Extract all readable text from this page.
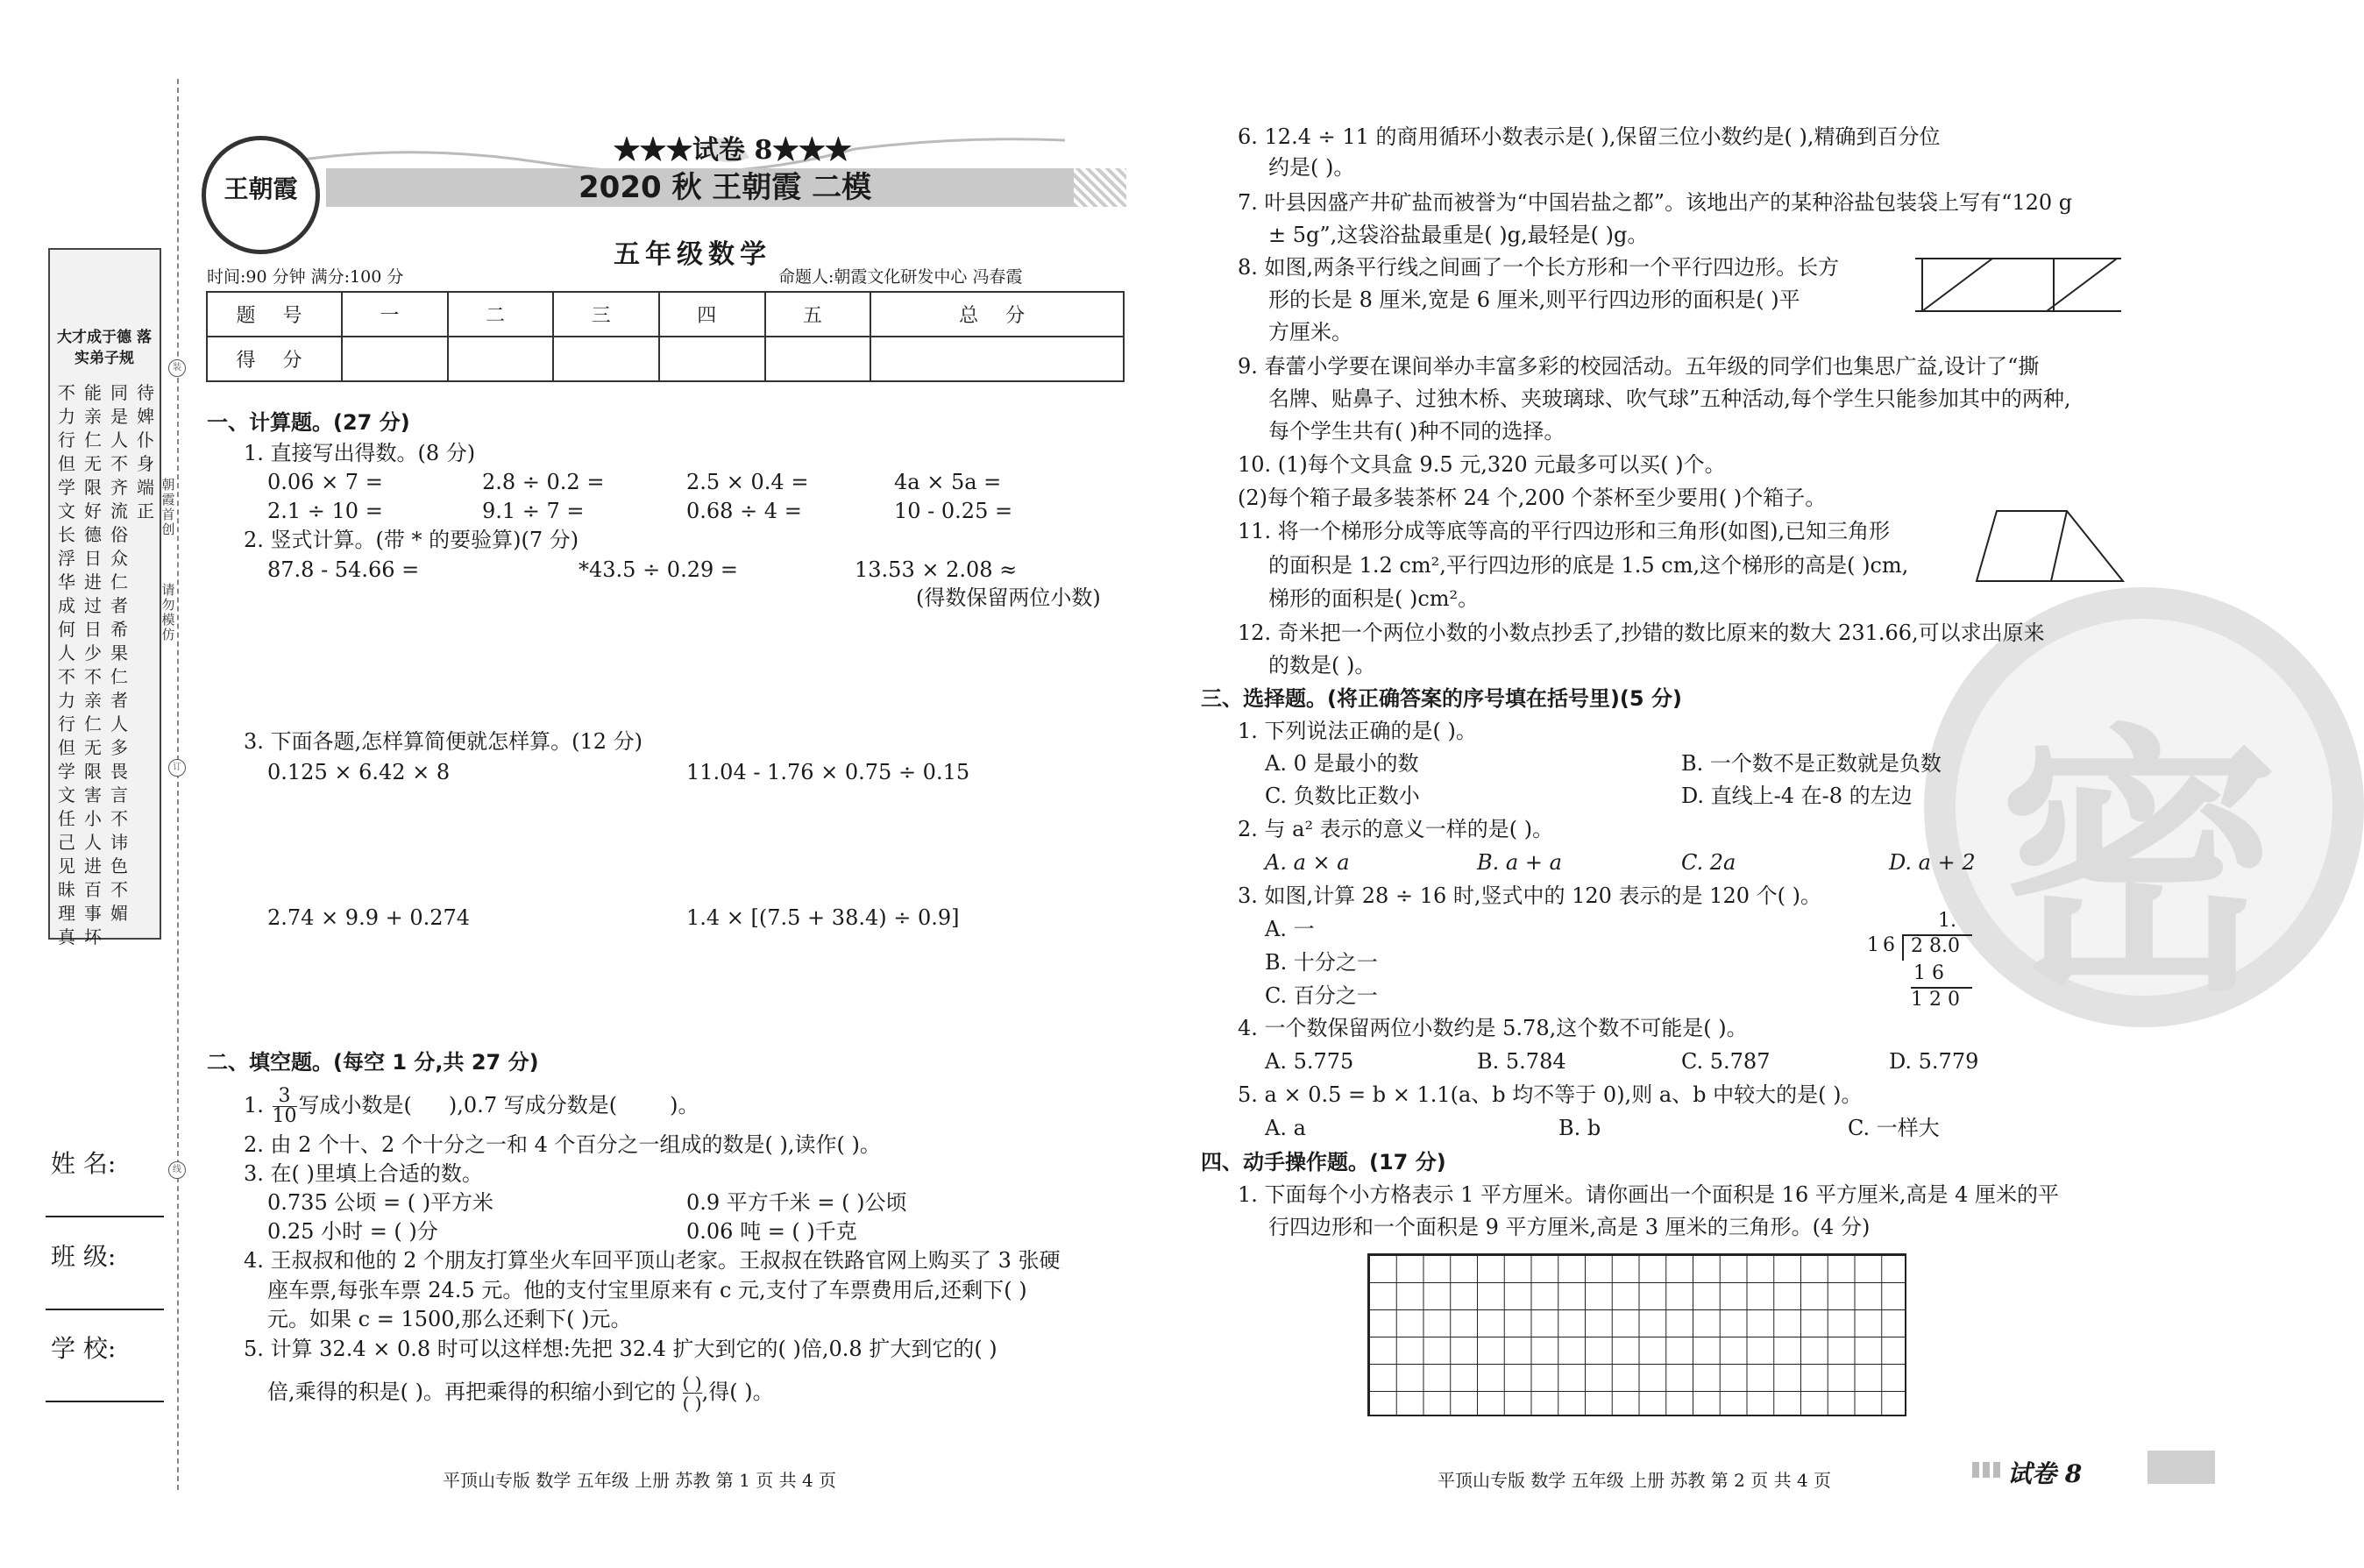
大才成于德 落实弟子规
不力行但学文长浮华成何人不力行但学文任己见昧理真
能亲仁无限好德日进过日少不亲仁无限害小人进百事坏
同是人不齐流俗众仁者希果仁者人多畏言不讳色不媚
待婢仆身端正
朝霞首创
请勿模仿
装
订
线
姓 名:
班 级:
学 校:
王朝霞
★★★试卷 8★★★
2020 秋 王朝霞 二模
五年级数学
时间:90 分钟 满分:100 分	命题人:朝霞文化研发中心 冯春霞
题 号	一	二	三	四	五	总 分
得 分						
一、计算题。(27 分)
1. 直接写出得数。(8 分)
0.06 × 7 =	2.8 ÷ 0.2 =	2.5 × 0.4 =	4a × 5a =
2.1 ÷ 10 =	9.1 ÷ 7 =	0.68 ÷ 4 =	10 - 0.25 =
2. 竖式计算。(带 * 的要验算)(7 分)
87.8 - 54.66 =	*43.5 ÷ 0.29 =	13.53 × 2.08 ≈
(得数保留两位小数)
3. 下面各题,怎样算简便就怎样算。(12 分)
0.125 × 6.42 × 8	11.04 - 1.76 × 0.75 ÷ 0.15
2.74 × 9.9 + 0.274	1.4 × [(7.5 + 38.4) ÷ 0.9]
二、填空题。(每空 1 分,共 27 分)
1. $\frac{3}{10}$ 写成小数是( ),0.7 写成分数是(	)。
2. 由 2 个十、2 个十分之一和 4 个百分之一组成的数是( ),读作( )。
3. 在( )里填上合适的数。
0.735 公顷 = ( )平方米	0.9 平方千米 = ( )公顷
0.25 小时 = ( )分	0.06 吨 = ( )千克
4. 王叔叔和他的 2 个朋友打算坐火车回平顶山老家。王叔叔在铁路官网上购买了 3 张硬
座车票,每张车票 24.5 元。他的支付宝里原来有 c 元,支付了车票费用后,还剩下( )
元。如果 c = 1500,那么还剩下( )元。
5. 计算 32.4 × 0.8 时可以这样想:先把 32.4 扩大到它的( )倍,0.8 扩大到它的( )
倍,乘得的积是( )。再把乘得的积缩小到它的 ( )
( ) ,得( )。
平顶山专版 数学 五年级 上册 苏教 第 1 页 共 4 页
密
6. 12.4 ÷ 11 的商用循环小数表示是( ),保留三位小数约是( ),精确到百分位
约是( )。
7. 叶县因盛产井矿盐而被誉为“中国岩盐之都”。该地出产的某种浴盐包装袋上写有“120 g
± 5g”,这袋浴盐最重是( )g,最轻是( )g。
8. 如图,两条平行线之间画了一个长方形和一个平行四边形。长方
形的长是 8 厘米,宽是 6 厘米,则平行四边形的面积是( )平
方厘米。
9. 春蕾小学要在课间举办丰富多彩的校园活动。五年级的同学们也集思广益,设计了“撕
名牌、贴鼻子、过独木桥、夹玻璃球、吹气球”五种活动,每个学生只能参加其中的两种,
每个学生共有( )种不同的选择。
10. (1)每个文具盒 9.5 元,320 元最多可以买( )个。
(2)每个箱子最多装茶杯 24 个,200 个茶杯至少要用( )个箱子。
11. 将一个梯形分成等底等高的平行四边形和三角形(如图),已知三角形
的面积是 1.2 cm²,平行四边形的底是 1.5 cm,这个梯形的高是( )cm,
梯形的面积是( )cm²。
12. 奇米把一个两位小数的小数点抄丢了,抄错的数比原来的数大 231.66,可以求出原来
的数是( )。
三、选择题。(将正确答案的序号填在括号里)(5 分)
1. 下列说法正确的是( )。
A. 0 是最小的数	B. 一个数不是正数就是负数
C. 负数比正数小	D. 直线上-4 在-8 的左边
2. 与 a² 表示的意义一样的是( )。
A. a × a	B. a + a	C. 2a	D. a + 2
3. 如图,计算 28 ÷ 16 时,竖式中的 120 表示的是 120 个( )。
A. 一
B. 十分之一
C. 百分之一
1.
16 2 8.0
1 6
1 2 0
4. 一个数保留两位小数约是 5.78,这个数不可能是( )。
A. 5.775	B. 5.784	C. 5.787	D. 5.779
5. a × 0.5 = b × 1.1(a、b 均不等于 0),则 a、b 中较大的是( )。
A. a	B. b	C. 一样大
四、动手操作题。(17 分)
1. 下面每个小方格表示 1 平方厘米。请你画出一个面积是 16 平方厘米,高是 4 厘米的平
行四边形和一个面积是 9 平方厘米,高是 3 厘米的三角形。(4 分)
平顶山专版 数学 五年级 上册 苏教 第 2 页 共 4 页	试卷 8
